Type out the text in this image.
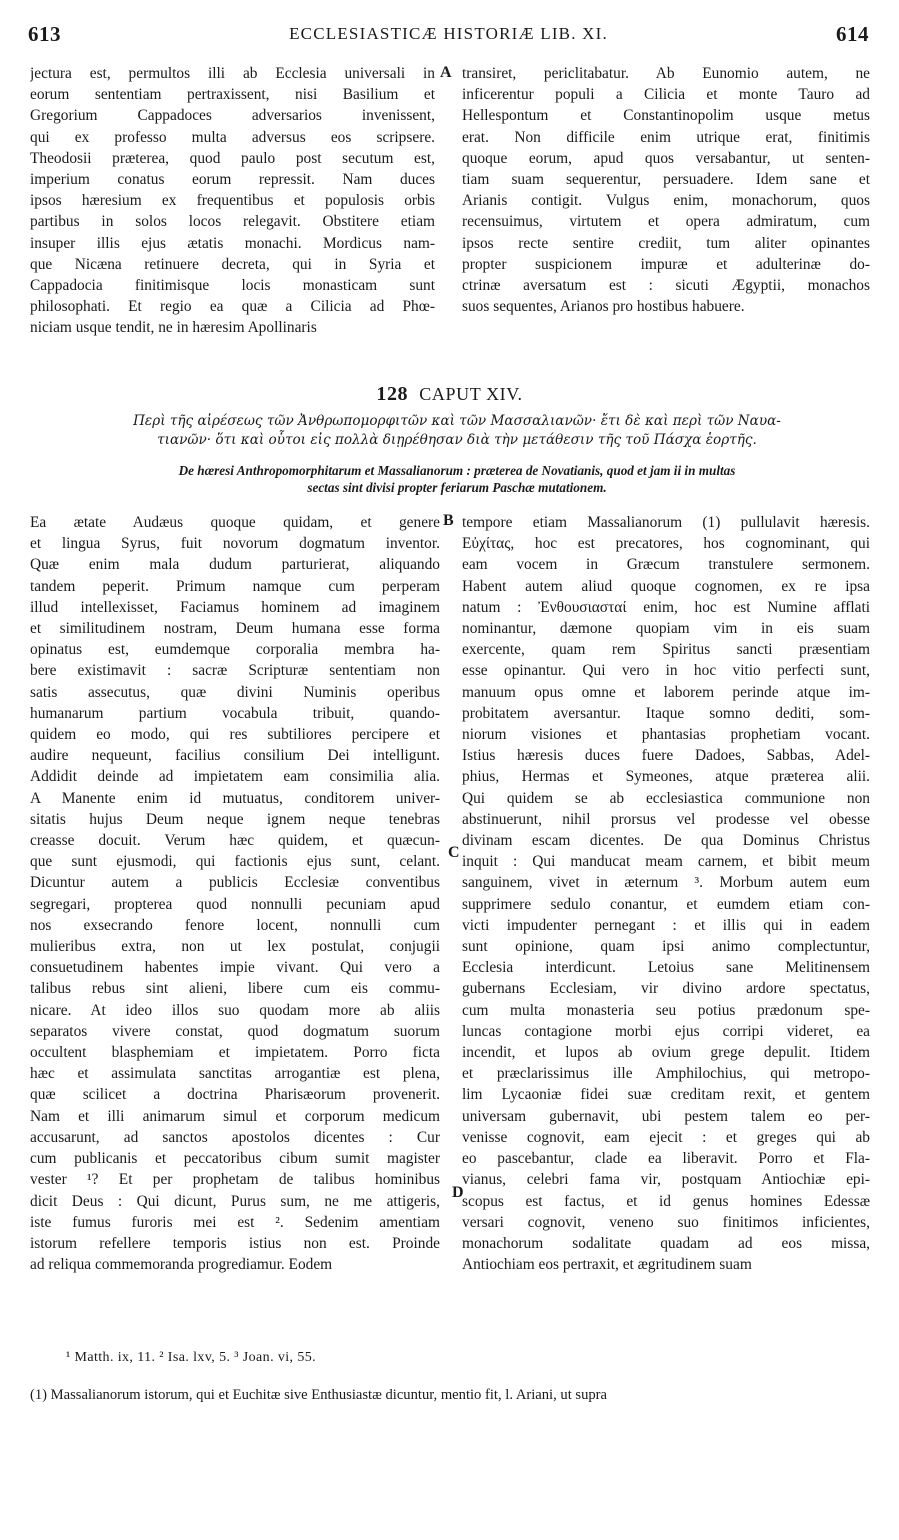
613	ECCLESIASTICÆ HISTORIÆ LIB. XI.	614
jectura est, permultos illi ab Ecclesia universali in
eorum sententiam pertraxissent, nisi Basilium et
Gregorium Cappadoces adversarios invenissent,
qui ex professo multa adversus eos scripsere.
Theodosii præterea, quod paulo post secutum est,
imperium conatus eorum repressit. Nam duces
ipsos hæresium ex frequentibus et populosis orbis
partibus in solos locos relegavit. Obstitere etiam
insuper illis ejus ætatis monachi. Mordicus nam-
que Nicæna retinuere decreta, qui in Syria et
Cappadocia finitimisque locis monasticam sunt
philosophati. Et regio ea quæ a Cilicia ad Phœ-
niciam usque tendit, ne in hæresim Apollinaris
transiret, periclitabatur. Ab Eunomio autem, ne
inficerentur populi a Cilicia et monte Tauro ad
Hellespontum et Constantinopolim usque metus
erat. Non difficile enim utrique erat, finitimis
quoque eorum, apud quos versabantur, ut senten-
tiam suam sequerentur, persuadere. Idem sane et
Arianis contigit. Vulgus enim, monachorum, quos
recensuimus, virtutem et opera admiratum, cum
ipsos recte sentire crediit, tum aliter opinantes
propter suspicionem impuræ et adulterinæ do-
ctrinæ aversatum est : sicuti Ægyptii, monachos
suos sequentes, Arianos pro hostibus habuere.
A
128 CAPUT XIV.
Περὶ τῆς αἱρέσεως τῶν Ἀνθρωπομορφιτῶν καὶ τῶν Μασσαλιανῶν· ἔτι δὲ καὶ περὶ τῶν Ναυα-
τιανῶν· ὅτι καὶ οὗτοι εἰς πολλὰ διῃρέθησαν διὰ τὴν μετάθεσιν τῆς τοῦ Πάσχα ἑορτῆς.
De hæresi Anthropomorphitarum et Massalianorum : præterea de Novatianis, quod et jam ii in multas
sectas sint divisi propter feriarum Paschæ mutationem.
Ea ætate Audæus quoque quidam, et genere
et lingua Syrus, fuit novorum dogmatum inventor.
Quæ enim mala dudum parturierat, aliquando
tandem peperit. Primum namque cum perperam
illud intellexisset, Faciamus hominem ad imaginem
et similitudinem nostram, Deum humana esse forma
opinatus est, eumdemque corporalia membra ha-
bere existimavit : sacræ Scripturæ sententiam non
satis assecutus, quæ divini Numinis operibus
humanarum partium vocabula tribuit, quando-
quidem eo modo, qui res subtiliores percipere et
audire nequeunt, facilius consilium Dei intelligunt.
Addidit deinde ad impietatem eam consimilia alia.
A Manente enim id mutuatus, conditorem univer-
sitatis hujus Deum neque ignem neque tenebras
creasse docuit. Verum hæc quidem, et quæcun-
que sunt ejusmodi, qui factionis ejus sunt, celant.
Dicuntur autem a publicis Ecclesiæ conventibus
segregari, propterea quod nonnulli pecuniam apud
nos exsecrando fenore locent, nonnulli cum
mulieribus extra, non ut lex postulat, conjugii
consuetudinem habentes impie vivant. Qui vero a
talibus rebus sint alieni, libere cum eis commu-
nicare. At ideo illos suo quodam more ab aliis
separatos vivere constat, quod dogmatum suorum
occultent blasphemiam et impietatem. Porro ficta
hæc et assimulata sanctitas arrogantiæ est plena,
quæ scilicet a doctrina Pharisæorum provenerit.
Nam et illi animarum simul et corporum medicum
accusarunt, ad sanctos apostolos dicentes : Cur
cum publicanis et peccatoribus cibum sumit magister
vester ¹? Et per prophetam de talibus hominibus
dicit Deus : Qui dicunt, Purus sum, ne me attigeris,
iste fumus furoris mei est ². Sedenim amentiam
istorum refellere temporis istius non est. Proinde
ad reliqua commemoranda progrediamur. Eodem
tempore etiam Massalianorum (1) pullulavit hæresis.
Εὐχίτας, hoc est precatores, hos cognominant, qui
eam vocem in Græcum transtulere sermonem.
Habent autem aliud quoque cognomen, ex re ipsa
natum : Ἐνθουσιασταί enim, hoc est Numine afflati
nominantur, dæmone quopiam vim in eis suam
exercente, quam rem Spiritus sancti præsentiam
esse opinantur. Qui vero in hoc vitio perfecti sunt,
manuum opus omne et laborem perinde atque im-
probitatem aversantur. Itaque somno dediti, som-
niorum visiones et phantasias prophetiam vocant.
Istius hæresis duces fuere Dadoes, Sabbas, Adel-
phius, Hermas et Symeones, atque præterea alii.
Qui quidem se ab ecclesiastica communione non
abstinuerunt, nihil prorsus vel prodesse vel obesse
divinam escam dicentes. De qua Dominus Christus
inquit : Qui manducat meam carnem, et bibit meum
sanguinem, vivet in æternum ³. Morbum autem eum
supprimere sedulo conantur, et eumdem etiam con-
victi impudenter pernegant : et illis qui in eadem
sunt opinione, quam ipsi animo complectuntur,
Ecclesia interdicunt. Letoius sane Melitinensem
gubernans Ecclesiam, vir divino ardore spectatus,
cum multa monasteria seu potius prædonum spe-
luncas contagione morbi ejus corripi videret, ea
incendit, et lupos ab ovium grege depulit. Itidem
et præclarissimus ille Amphilochius, qui metropo-
lim Lycaoniæ fidei suæ creditam rexit, et gentem
universam gubernavit, ubi pestem talem eo per-
venisse cognovit, eam ejecit : et greges qui ab
eo pascebantur, clade ea liberavit. Porro et Fla-
vianus, celebri fama vir, postquam Antiochiæ epi-
scopus est factus, et id genus homines Edessæ
versari cognovit, veneno suo finitimos inficientes,
monachorum sodalitate quadam ad eos missa,
Antiochiam eos pertraxit, et ægritudinem suam
B
C
D
¹ Matth. ix, 11. ² Isa. lxv, 5. ³ Joan. vi, 55.
(1) Massalianorum istorum, qui et Euchitæ sive Enthusiastæ dicuntur, mentio fit, l. Ariani, ut supra
